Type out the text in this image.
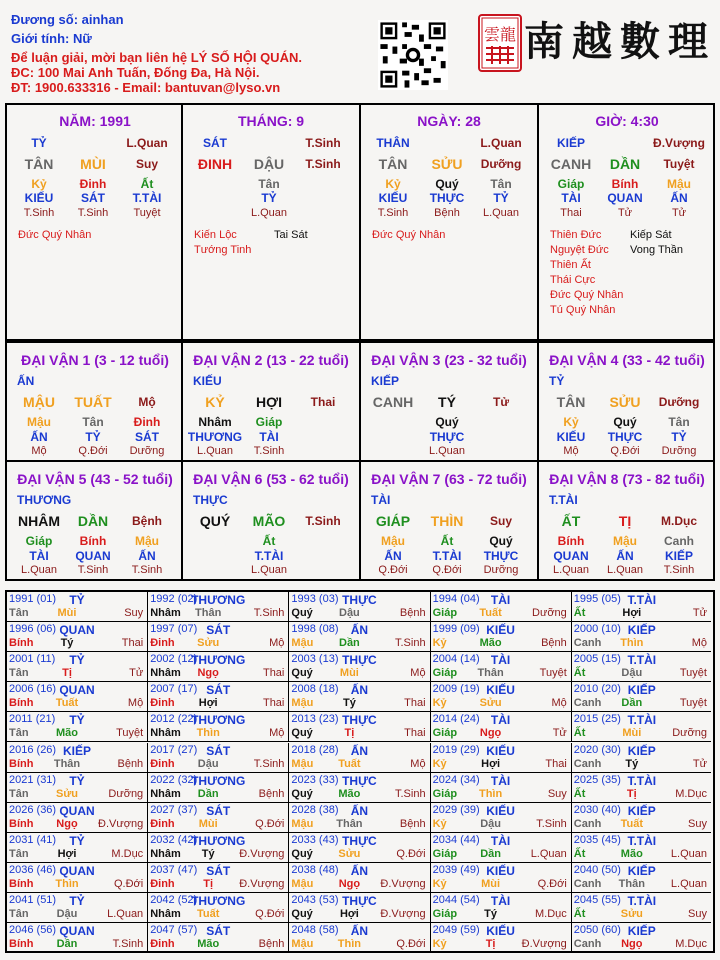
Đương số: ainhan
Giới tính: Nữ
Để luận giải, mời bạn liên hệ LÝ SỐ HỘI QUÁN.
ĐC: 100 Mai Anh Tuấn, Đống Đa, Hà Nội.
ĐT: 1900.633316 - Email: bantuvan@lyso.vn
雲龍 南越數理
NĂM: 1991
TỶ	L.Quan
TÂN MÙI	Suy
Kỷ
KIẾU
T.Sinh
Đinh
SÁT
T.Sinh
Ất
T.TÀI
Tuyệt
Đức Quý Nhân
THÁNG: 9
SÁT	T.Sinh
ĐINH DẬU T.Sinh
Tân
TỶ
L.Quan
Kiến Lộc	Tai Sát
Tướng Tinh
NGÀY: 28
THÂN	L.Quan
TÂN SỬU Dưỡng
Kỷ
KIẾU
T.Sinh
Quý
THỰC
Bệnh
Tân
TỶ
L.Quan
Đức Quý Nhân
GIỜ: 4:30
KIẾP	Đ.Vượng
CANH DẦN Tuyệt
Giáp
TÀI
Thai
Bính
QUAN
Tử
Mậu
ẤN
Tử
Thiên Đức	Kiếp Sát
Nguyệt Đức Vong Thần
Thiên Ất
Thái Cực
Đức Quý Nhân
Tú Quý Nhân
ĐẠI VẬN 1 (3 - 12 tuổi)
ẤN
MẬU TUẤT Mộ
Mậu
ẤN
Mộ
Tân
TỶ
Q.Đới
Đinh
SÁT
Dưỡng
ĐẠI VẬN 2 (13 - 22 tuổi)
KIẾU
KỶ HỢI Thai
Nhâm
THƯƠNG
L.Quan
Giáp
TÀI
T.Sinh
ĐẠI VẬN 3 (23 - 32 tuổi)
KIẾP
CANH TÝ	Tử
Quý
THỰC
L.Quan
ĐẠI VẬN 4 (33 - 42 tuổi)
TỶ
TÂN SỬU Dưỡng
Kỷ
KIẾU
Mộ
Quý
THỰC
Q.Đới
Tân
TỶ
Dưỡng
ĐẠI VẬN 5 (43 - 52 tuổi)
THƯƠNG
NHÂM DẦN Bệnh
Giáp
TÀI
L.Quan
Bính
QUAN
T.Sinh
Mậu
ẤN
T.Sinh
ĐẠI VẬN 6 (53 - 62 tuổi)
THỰC
QUÝ MÃO T.Sinh
Ất
T.TÀI
L.Quan
ĐẠI VẬN 7 (63 - 72 tuổi)
TÀI
GIÁP THÌN Suy
Mậu
ẤN
Q.Đới
Ất
T.TÀI
Q.Đới
Quý
THỰC
Dưỡng
ĐẠI VẬN 8 (73 - 82 tuổi)
T.TÀI
ẤT	TỊ M.Dục
Bính
QUAN
L.Quan
Mậu
ẤN
L.Quan
Canh
KIẾP
T.Sinh
1991 (01) TỶ
Tân	Mùi	Suy
1992 (02)
THƯƠNG
Nhâm Thân	T.Sinh
1993 (03) THỰC
Quý Dậu	Bệnh
1994 (04) TÀI
Giáp Tuất	Dưỡng
1995 (05) T.TÀI
Ất	Hợi	Tử
1996 (06) QUAN
Bính Tý	Thai
1997 (07) SÁT
Đinh Sửu	Mộ
1998 (08) ẤN
Mậu Dần	T.Sinh
1999 (09) KIẾU
Kỷ	Mão	Bệnh
2000 (10) KIẾP
Canh Thìn	Mộ
2001 (11) TỶ
Tân	Tị	Tử
2002 (12)
THƯƠNG
Nhâm Ngọ	Thai
2003 (13) THỰC
Quý Mùi	Mộ
2004 (14) TÀI
Giáp Thân	Tuyệt
2005 (15) T.TÀI
Ất	Dậu	Tuyệt
2006 (16) QUAN
Bính Tuất	Mộ
2007 (17) SÁT
Đinh Hợi	Thai
2008 (18) ẤN
Mậu	Tý	Thai
2009 (19) KIẾU
Kỷ	Sửu	Mộ
2010 (20) KIẾP
Canh Dần	Tuyệt
2011 (21) TỶ
Tân Mão	Tuyệt
2012 (22)
THƯƠNG
Nhâm Thìn	Mộ
2013 (23) THỰC
Quý	Tị	Thai
2014 (24) TÀI
Giáp Ngọ	Tử
2015 (25) T.TÀI
Ất	Mùi	Dưỡng
2016 (26) KIẾP
Bính Thân	Bệnh
2017 (27) SÁT
Đinh Dậu	T.Sinh
2018 (28) ẤN
Mậu Tuất	Mộ
2019 (29) KIẾU
Kỷ	Hợi	Thai
2020 (30) KIẾP
Canh Tý	Tử
2021 (31) TỶ
Tân Sửu	Dưỡng
2022 (32)
THƯƠNG
Nhâm Dần	Bệnh
2023 (33) THỰC
Quý Mão	T.Sinh
2024 (34) TÀI
Giáp Thìn	Suy
2025 (35) T.TÀI
Ất	Tị	M.Dục
2026 (36) QUAN
Bính Ngọ Đ.Vượng
2027 (37) SÁT
Đinh Mùi	Q.Đới
2028 (38) ẤN
Mậu Thân	Bệnh
2029 (39) KIẾU
Kỷ	Dậu	T.Sinh
2030 (40) KIẾP
Canh Tuất	Suy
2031 (41) TỶ
Tân	Hợi	M.Dục
2032 (42)
THƯƠNG
Nhâm Tý Đ.Vượng
2033 (43) THỰC
Quý Sửu	Q.Đới
2034 (44) TÀI
Giáp Dần	L.Quan
2035 (45) T.TÀI
Ất	Mão	L.Quan
2036 (46) QUAN
Bính Thìn	Q.Đới
2037 (47) SÁT
Đinh	Tị Đ.Vượng
2038 (48) ẤN
Mậu Ngọ Đ.Vượng
2039 (49) KIẾU
Kỷ	Mùi	Q.Đới
2040 (50) KIẾP
Canh Thân L.Quan
2041 (51) TỶ
Tân	Dậu	L.Quan
2042 (52)
THƯƠNG
Nhâm Tuất	Q.Đới
2043 (53) THỰC
Quý Hợi Đ.Vượng
2044 (54) TÀI
Giáp Tý	M.Dục
2045 (55) T.TÀI
Ất	Sửu	Suy
2046 (56) QUAN
Bính Dần	T.Sinh
2047 (57) SÁT
Đinh Mão	Bệnh
2048 (58) ẤN
Mậu Thìn	Q.Đới
2049 (59) KIẾU
Kỷ	Tị Đ.Vượng
2050 (60) KIẾP
Canh Ngọ	M.Dục
